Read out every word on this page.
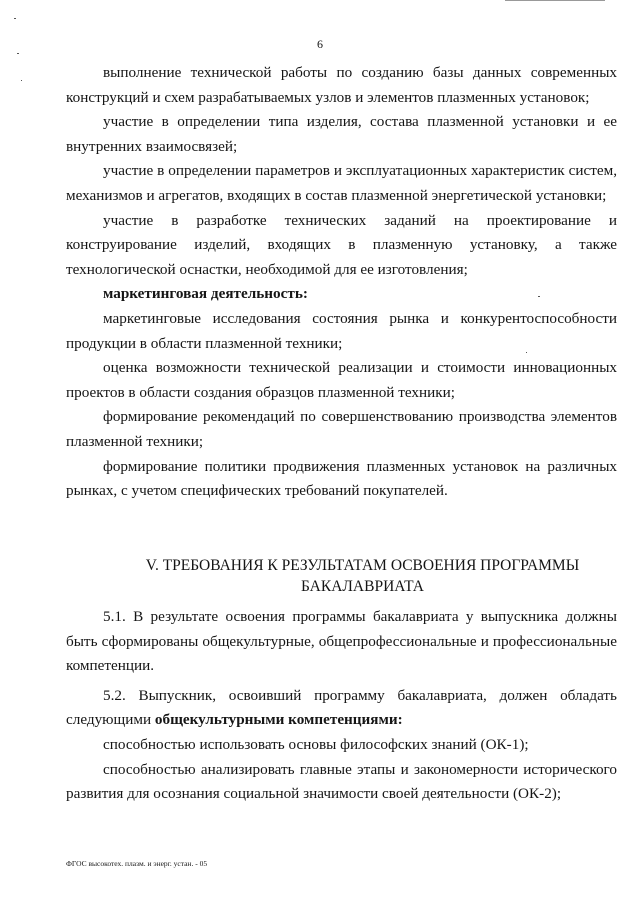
6

выполнение технической работы по созданию базы данных современных конструкций и схем разрабатываемых узлов и элементов плазменных установок;

участие в определении типа изделия, состава плазменной установки и ее внутренних взаимосвязей;

участие в определении параметров и эксплуатационных характеристик систем, механизмов и агрегатов, входящих в состав плазменной энергетической установки;

участие в разработке технических заданий на проектирование и конструирование изделий, входящих в плазменную установку, а также технологической оснастки, необходимой для ее изготовления;

маркетинговая деятельность:

маркетинговые исследования состояния рынка и конкурентоспособности продукции в области плазменной техники;

оценка возможности технической реализации и стоимости инновационных проектов в области создания образцов плазменной техники;

формирование рекомендаций по совершенствованию производства элементов плазменной техники;

формирование политики продвижения плазменных установок на различных рынках, с учетом специфических требований покупателей.

V. ТРЕБОВАНИЯ К РЕЗУЛЬТАТАМ ОСВОЕНИЯ ПРОГРАММЫ
БАКАЛАВРИАТА

5.1. В результате освоения программы бакалавриата у выпускника должны быть сформированы общекультурные, общепрофессиональные и профессиональные компетенции.

5.2. Выпускник, освоивший программу бакалавриата, должен обладать следующими общекультурными компетенциями:

способностью использовать основы философских знаний (ОК-1);

способностью анализировать главные этапы и закономерности исторического развития для осознания социальной значимости своей деятельности (ОК-2);

ФГОС высокотех. плазм. и энерг. устан. - 05
